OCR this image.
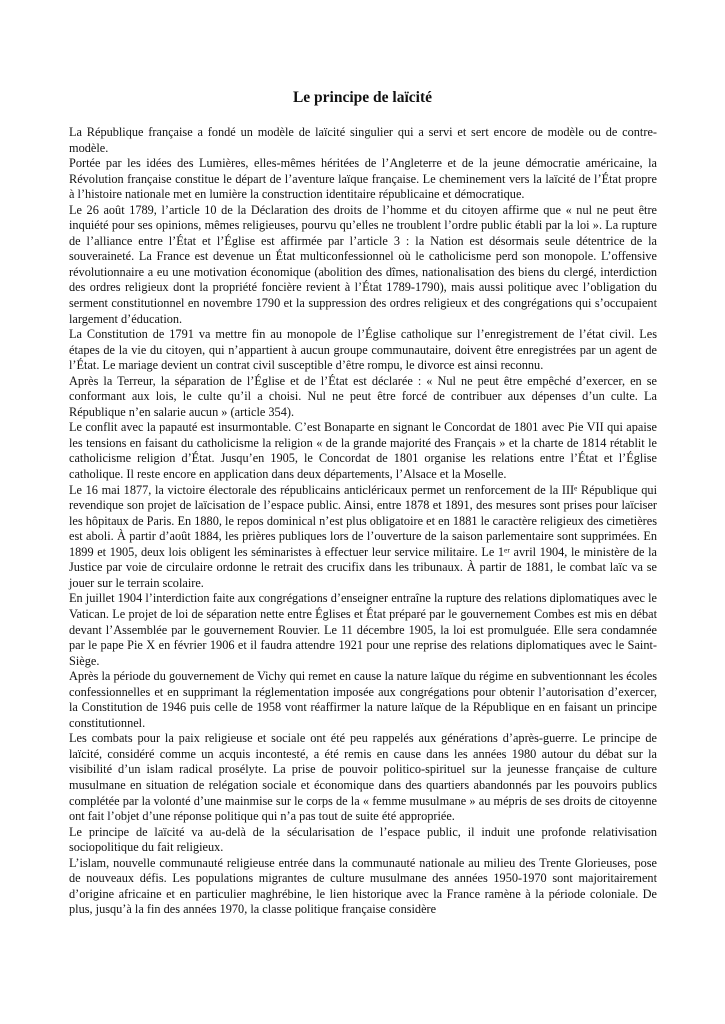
Le principe de laïcité

La République française a fondé un modèle de laïcité singulier qui a servi et sert encore de modèle ou de contre-modèle.

Portée par les idées des Lumières, elles-mêmes héritées de l’Angleterre et de la jeune démocratie américaine, la Révolution française constitue le départ de l’aventure laïque française. Le cheminement vers la laïcité de l’État propre à l’histoire nationale met en lumière la construction identitaire républicaine et démocratique.

Le 26 août 1789, l’article 10 de la Déclaration des droits de l’homme et du citoyen affirme que « nul ne peut être inquiété pour ses opinions, mêmes religieuses, pourvu qu’elles ne troublent l’ordre public établi par la loi ». La rupture de l’alliance entre l’État et l’Église est affirmée par l’article 3 : la Nation est désormais seule détentrice de la souveraineté. La France est devenue un État multiconfessionnel où le catholicisme perd son monopole. L’offensive révolutionnaire a eu une motivation économique (abolition des dîmes, nationalisation des biens du clergé, interdiction des ordres religieux dont la propriété foncière revient à l’État 1789-1790), mais aussi politique avec l’obligation du serment constitutionnel en novembre 1790 et la suppression des ordres religieux et des congrégations qui s’occupaient largement d’éducation.

La Constitution de 1791 va mettre fin au monopole de l’Église catholique sur l’enregistrement de l’état civil. Les étapes de la vie du citoyen, qui n’appartient à aucun groupe communautaire, doivent être enregistrées par un agent de l’État. Le mariage devient un contrat civil susceptible d’être rompu, le divorce est ainsi reconnu.

Après la Terreur, la séparation de l’Église et de l’État est déclarée : « Nul ne peut être empêché d’exercer, en se conformant aux lois, le culte qu’il a choisi. Nul ne peut être forcé de contribuer aux dépenses d’un culte. La République n’en salarie aucun » (article 354).

Le conflit avec la papauté est insurmontable. C’est Bonaparte en signant le Concordat de 1801 avec Pie VII qui apaise les tensions en faisant du catholicisme la religion « de la grande majorité des Français » et la charte de 1814 rétablit le catholicisme religion d’État. Jusqu’en 1905, le Concordat de 1801 organise les relations entre l’État et l’Église catholique. Il reste encore en application dans deux départements, l’Alsace et la Moselle.

Le 16 mai 1877, la victoire électorale des républicains anticléricaux permet un renforcement de la IIIᵉ République qui revendique son projet de laïcisation de l’espace public. Ainsi, entre 1878 et 1891, des mesures sont prises pour laïciser les hôpitaux de Paris. En 1880, le repos dominical n’est plus obligatoire et en 1881 le caractère religieux des cimetières est aboli. À partir d’août 1884, les prières publiques lors de l’ouverture de la saison parlementaire sont supprimées. En 1899 et 1905, deux lois obligent les séminaristes à effectuer leur service militaire. Le 1ᵉʳ avril 1904, le ministère de la Justice par voie de circulaire ordonne le retrait des crucifix dans les tribunaux. À partir de 1881, le combat laïc va se jouer sur le terrain scolaire.

En juillet 1904 l’interdiction faite aux congrégations d’enseigner entraîne la rupture des relations diplomatiques avec le Vatican. Le projet de loi de séparation nette entre Églises et État préparé par le gouvernement Combes est mis en débat devant l’Assemblée par le gouvernement Rouvier. Le 11 décembre 1905, la loi est promulguée. Elle sera condamnée par le pape Pie X en février 1906 et il faudra attendre 1921 pour une reprise des relations diplomatiques avec le Saint-Siège.

Après la période du gouvernement de Vichy qui remet en cause la nature laïque du régime en subventionnant les écoles confessionnelles et en supprimant la réglementation imposée aux congrégations pour obtenir l’autorisation d’exercer, la Constitution de 1946 puis celle de 1958 vont réaffirmer la nature laïque de la République en en faisant un principe constitutionnel.

Les combats pour la paix religieuse et sociale ont été peu rappelés aux générations d’après-guerre. Le principe de laïcité, considéré comme un acquis incontesté, a été remis en cause dans les années 1980 autour du débat sur la visibilité d’un islam radical prosélyte. La prise de pouvoir politico-spirituel sur la jeunesse française de culture musulmane en situation de relégation sociale et économique dans des quartiers abandonnés par les pouvoirs publics complétée par la volonté d’une mainmise sur le corps de la « femme musulmane » au mépris de ses droits de citoyenne ont fait l’objet d’une réponse politique qui n’a pas tout de suite été appropriée.

Le principe de laïcité va au-delà de la sécularisation de l’espace public, il induit une profonde relativisation sociopolitique du fait religieux.

L’islam, nouvelle communauté religieuse entrée dans la communauté nationale au milieu des Trente Glorieuses, pose de nouveaux défis. Les populations migrantes de culture musulmane des années 1950-1970 sont majoritairement d’origine africaine et en particulier maghrébine, le lien historique avec la France ramène à la période coloniale. De plus, jusqu’à la fin des années 1970, la classe politique française considère
